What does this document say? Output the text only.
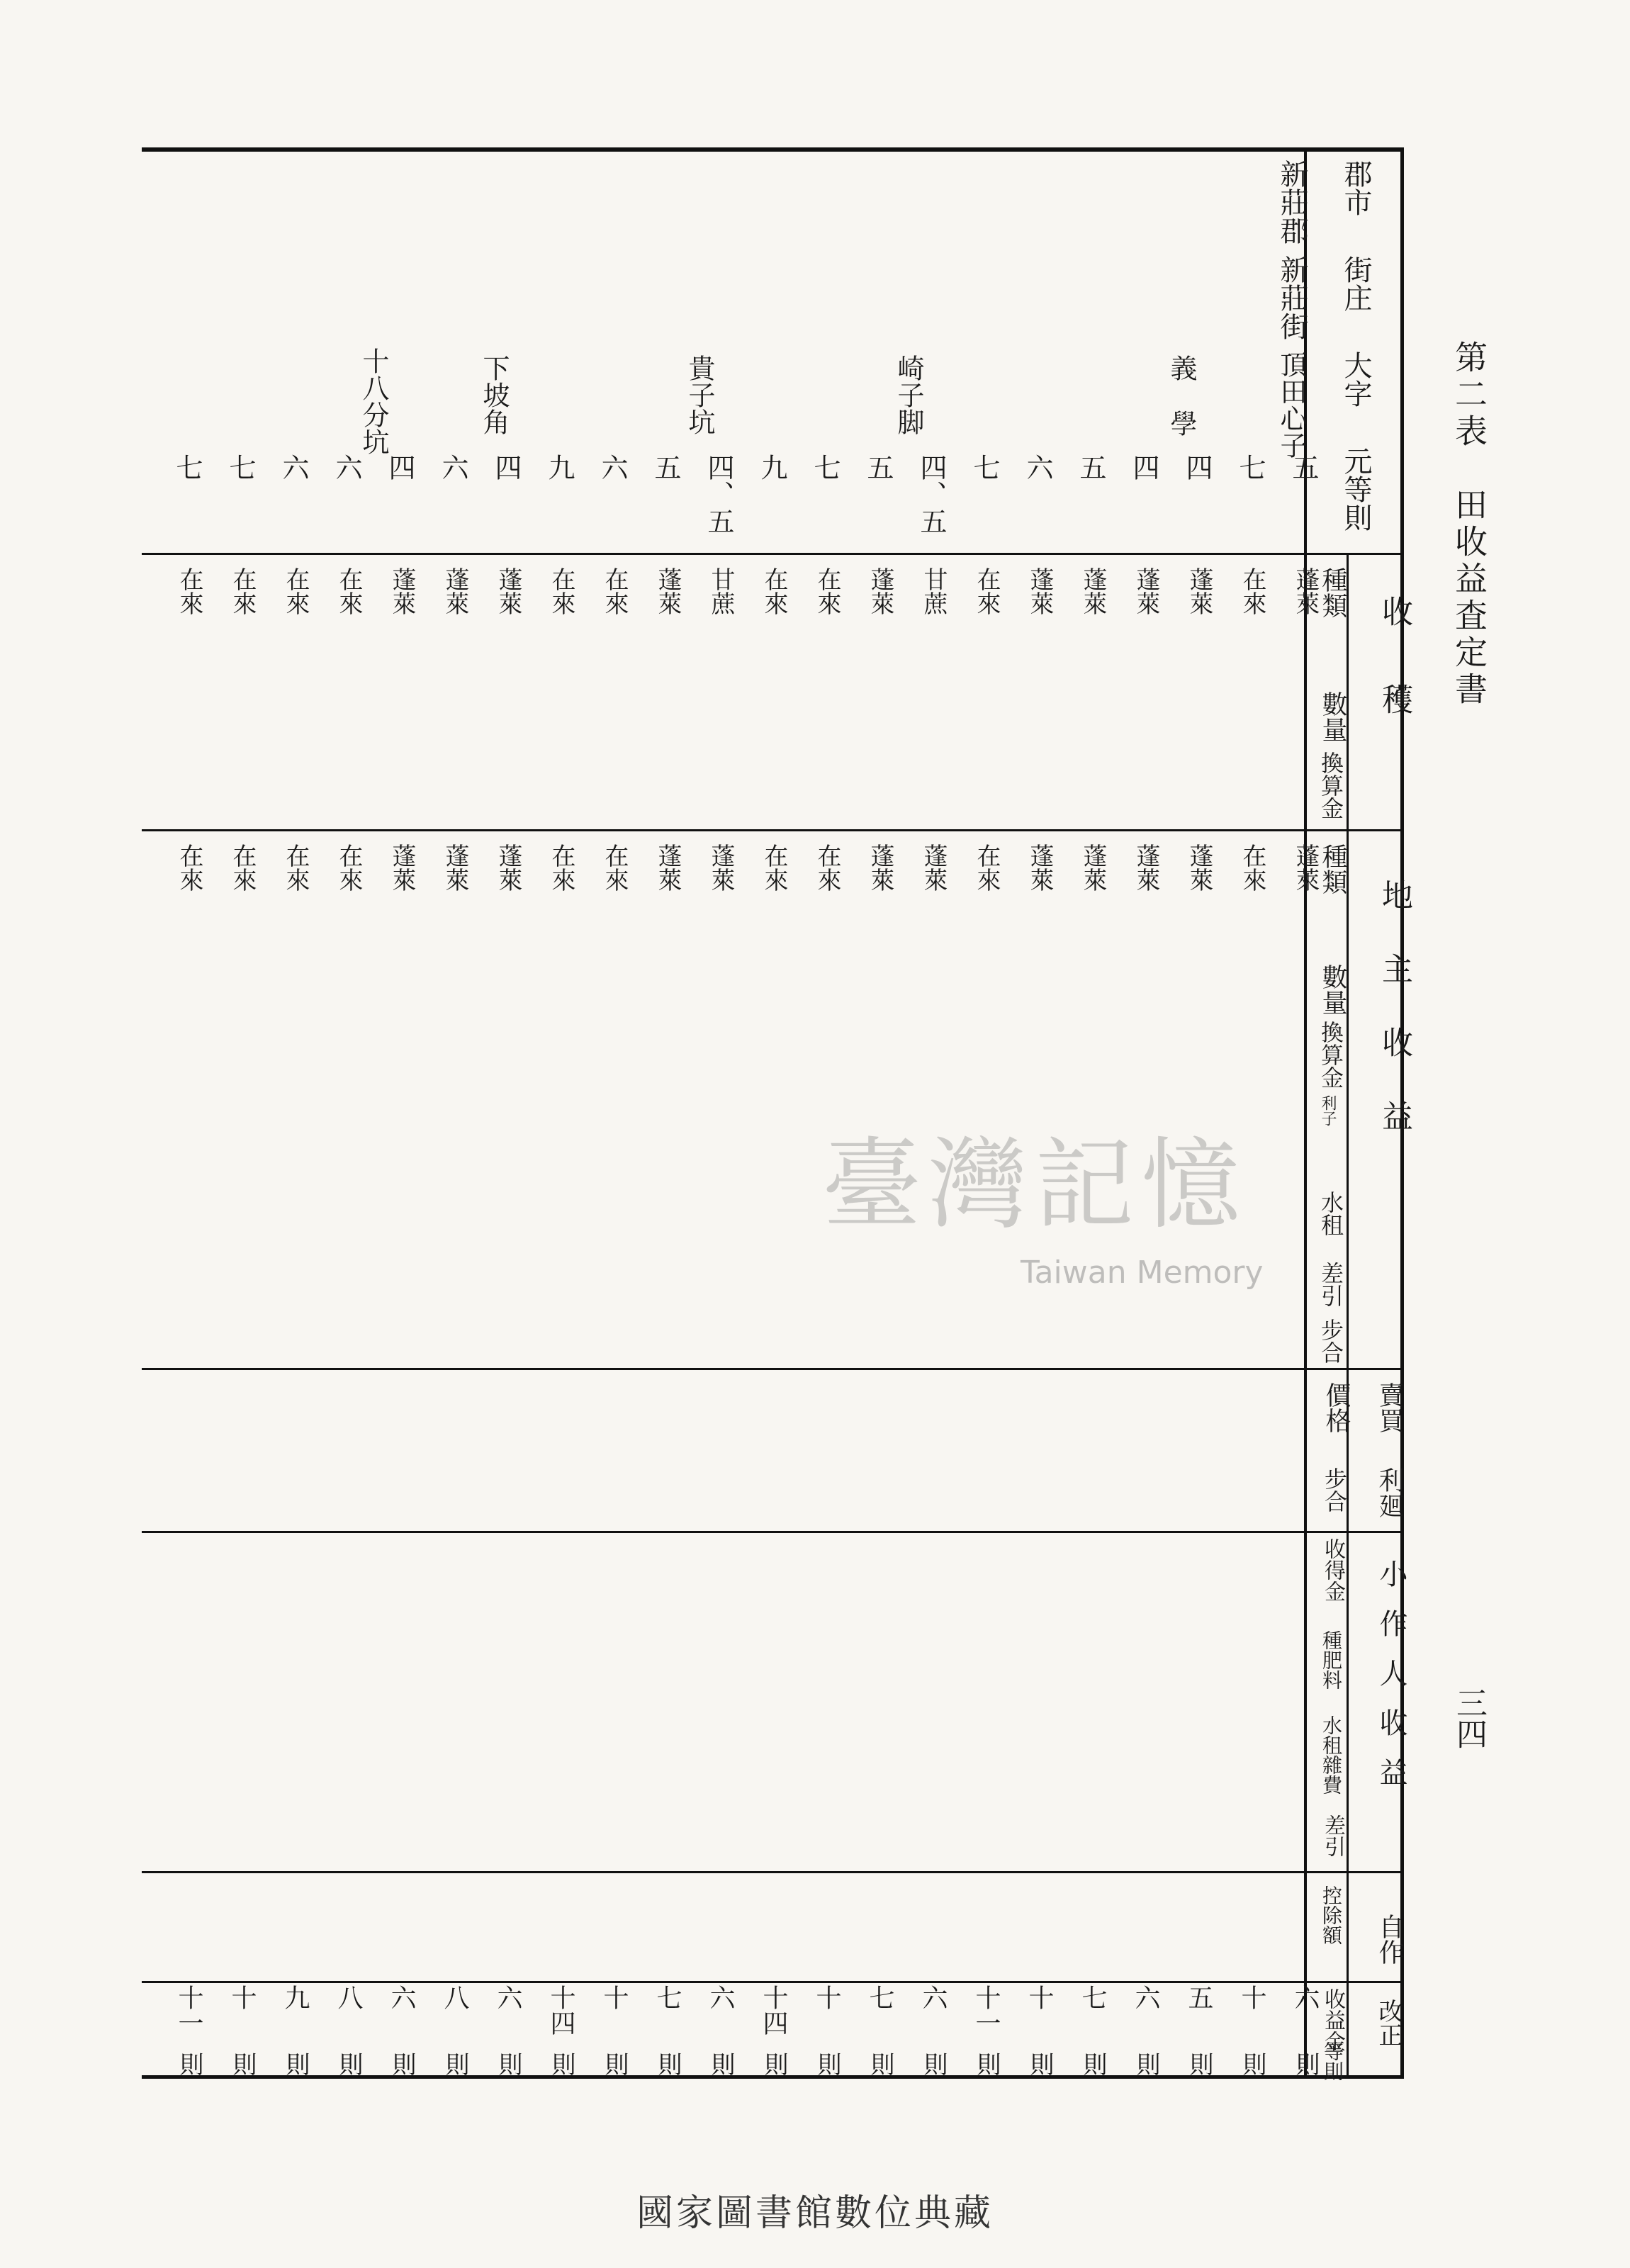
第二表　田收益査定書
三四
郡市
街庄
大字
元等則
收穫
種類
數量
換算金
地主收益
種類
數量
換算金
利子
水租
差引
步合
賣買
價格
利廻
步合
小作人收益
收得金
種肥料
水租雜費
差引
控除額 自作
收益金 改正
等則
新莊郡
新莊街
頂田心子
義學
崎子脚
貴子坑
下坡角
十八分坑
五
蓬萊
蓬萊
六
則
七
在來
在來
十
則
四
蓬萊
蓬萊
五
則
四
蓬萊
蓬萊
六
則
五
蓬萊
蓬萊
七
則
六
蓬萊
蓬萊
十
則
七
在來
在來
十一
則
四、五
甘蔗
蓬萊
六
則
五
蓬萊
蓬萊
七
則
七
在來
在來
十
則
九
在來
在來
十四
則
四、五
甘蔗
蓬萊
六
則
五
蓬萊
蓬萊
七
則
六
在來
在來
十
則
九
在來
在來
十四
則
四
蓬萊
蓬萊
六
則
六
蓬萊
蓬萊
八
則
四
蓬萊
蓬萊
六
則
六
在來
在來
八
則
六
在來
在來
九
則
七
在來
在來
十
則
七
在來
在來
十一
則
臺灣記憶
Taiwan Memory
國家圖書館數位典藏
